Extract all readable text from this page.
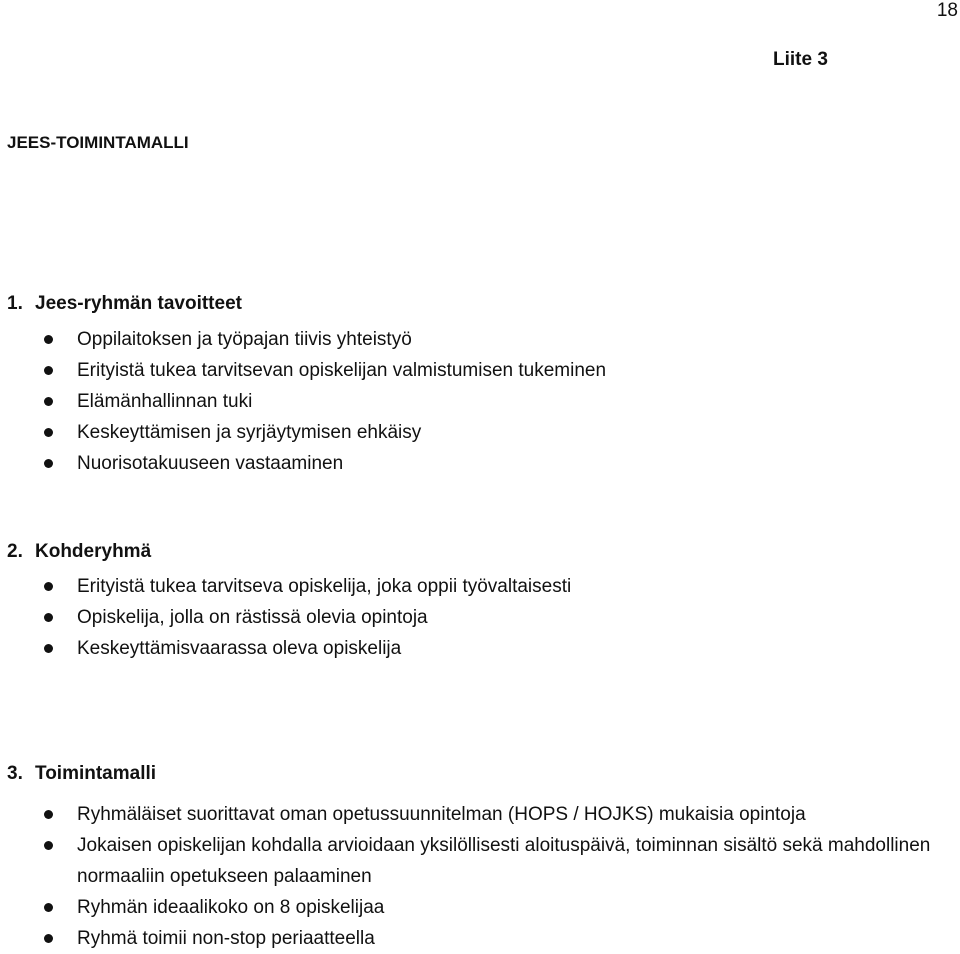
18
Liite 3
JEES-TOIMINTAMALLI
1. Jees-ryhmän tavoitteet
Oppilaitoksen ja työpajan tiivis yhteistyö
Erityistä tukea tarvitsevan opiskelijan valmistumisen tukeminen
Elämänhallinnan tuki
Keskeyttämisen ja syrjäytymisen ehkäisy
Nuorisotakuuseen vastaaminen
2. Kohderyhmä
Erityistä tukea tarvitseva opiskelija, joka oppii työvaltaisesti
Opiskelija, jolla on rästissä olevia opintoja
Keskeyttämisvaarassa oleva opiskelija
3. Toimintamalli
Ryhmäläiset suorittavat oman opetussuunnitelman (HOPS / HOJKS) mukaisia opintoja
Jokaisen opiskelijan kohdalla arvioidaan yksilöllisesti aloituspäivä, toiminnan sisältö sekä mahdollinen normaaliin opetukseen palaaminen
Ryhmän ideaalikoko on 8 opiskelijaa
Ryhmä toimii non-stop periaatteella
